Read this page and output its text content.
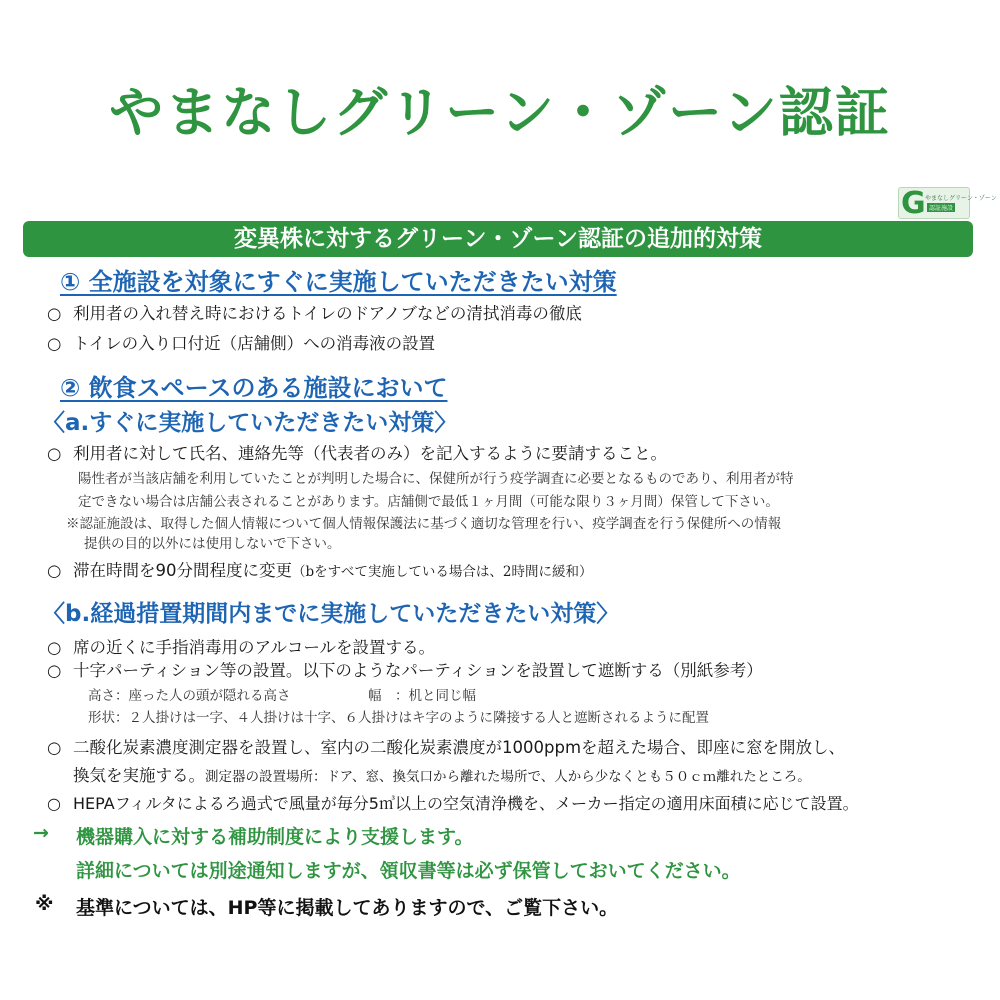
やまなしグリーン・ゾーン認証
G やまなしグリーン・ゾーン
認証施設
変異株に対するグリーン・ゾーン認証の追加的対策
① 全施設を対象にすぐに実施していただきたい対策
○ 利用者の入れ替え時におけるトイレのドアノブなどの清拭消毒の徹底
○ トイレの入り口付近（店舗側）への消毒液の設置
② 飲食スペースのある施設において
〈a.すぐに実施していただきたい対策〉
○ 利用者に対して氏名、連絡先等（代表者のみ）を記入するように要請すること。
陽性者が当該店舗を利用していたことが判明した場合に、保健所が行う疫学調査に必要となるものであり、利用者が特
定できない場合は店舗公表されることがあります。店舗側で最低１ヶ月間（可能な限り３ヶ月間）保管して下さい。
※認証施設は、取得した個人情報について個人情報保護法に基づく適切な管理を行い、疫学調査を行う保健所への情報
提供の目的以外には使用しないで下さい。
○ 滞在時間を90分間程度に変更（bをすべて実施している場合は、2時間に緩和）
〈b.経過措置期間内までに実施していただきたい対策〉
○ 席の近くに手指消毒用のアルコールを設置する。
○ 十字パーティション等の設置。以下のようなパーティションを設置して遮断する（別紙参考）
高さ：座った人の頭が隠れる高さ	幅　：机と同じ幅
形状：２人掛けは一字、４人掛けは十字、６人掛けはキ字のように隣接する人と遮断されるように配置
○ 二酸化炭素濃度測定器を設置し、室内の二酸化炭素濃度が1000ppmを超えた場合、即座に窓を開放し、
換気を実施する。測定器の設置場所：ドア、窓、換気口から離れた場所で、人から少なくとも５０ｃｍ離れたところ。
○ HEPAフィルタによるろ過式で風量が毎分5㎥以上の空気清浄機を、メーカー指定の適用床面積に応じて設置。
→ 機器購入に対する補助制度により支援します。
詳細については別途通知しますが、領収書等は必ず保管しておいてください。
※ 基準については、HP等に掲載してありますので、ご覧下さい。
